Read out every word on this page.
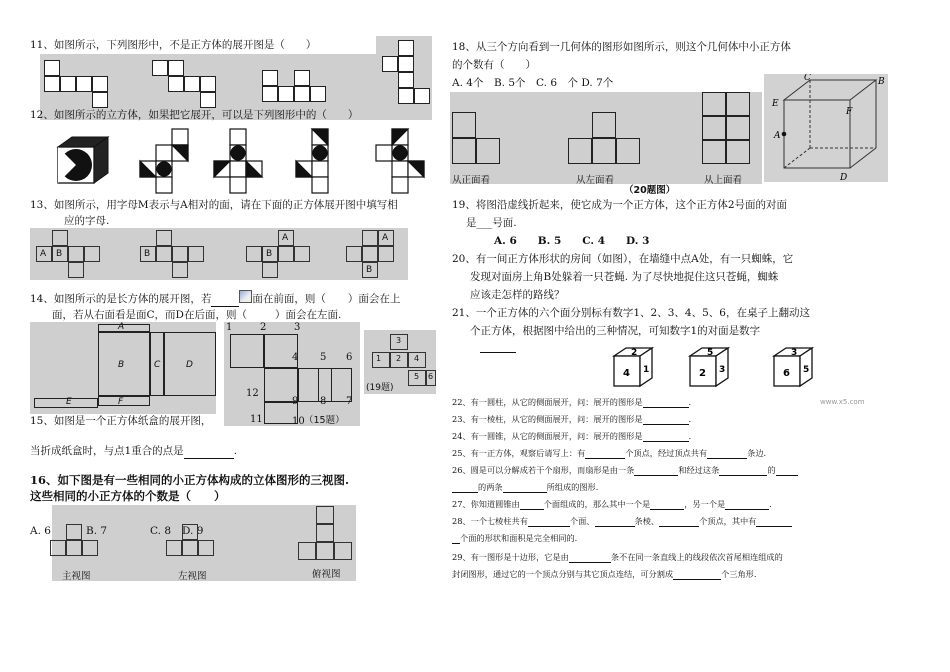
11、如图所示，下列图形中，不是正方体的展开图是（　　）
12、如图所示的立方体，如果把它展开，可以是下列图形中的（　　）
13、如图所示，用字母M表示与A相对的面，请在下面的正方体展开图中填写相
应的字母.
A B	B
A
B
A
B
14、如图所示的是长方体的展开图，若	面在前面，则（ ）面会在上
面，若从右面看是面C，而D在后面，则（	）面会在左面.
A
B	C	D
E	F
1	2	3
4 5 6
7
8
9
10
11
12
（15题）
3
1 2 4
5 6
(19题)
15、如图是一个正方体纸盒的展开图，
当折成纸盒时，与点1重合的点是	.
16、如下图是有一些相同的小正方体构成的立体图形的三视图.
这些相同的小正方体的个数是（　　）
A. 6	B. 7	C. 8 D. 9
主视图	左视图	俯视图
18、从三个方向看到一几何体的图形如图所示，则这个几何体中小正方体
的个数有（　　）
A. 4个　B. 5个　C. 6　个 D. 7个
从正面看	从左面看	从上面看
（20题图）
A
B
C
E
F
D
19、将图沿虚线折起来，使它成为一个正方体，这个正方体2号面的对面
是___号面.
A. 6　　B. 5　　C. 4　　D. 3
20、有一间正方体形状的房间（如图），在墙缝中点A处，有一只蜘蛛，它
发现对面房上角B处躲着一只苍蝇. 为了尽快地捉住这只苍蝇，蜘蛛
应该走怎样的路线？
21、一个正方体的六个面分别标有数字1、2、3、4、5、6，在桌子上翻动这
个正方体，根据图中给出的三种情况，可知数字1的对面是数字
2
4 1
5
2 3
3
6 5
22、有一圆柱，从它的侧面展开，问：展开的图形是	.
23、有一棱柱，从它的侧面展开，问：展开的图形是	.
24、有一圆锥，从它的侧面展开，问：展开的图形是	.
25、有一正方体，观察后请写上：有	个顶点，经过顶点共有	条边.
26、圆是可以分解成若干个扇形，而扇形是由一条	和经过这条	的
的两条	所组成的图形.
27、你知道圆锥由	个面组成的，那么其中一个是	，另一个是	.
28、一个七棱柱共有	个面、	条棱、	个顶点，其中有
个面的形状和面积是完全相同的.
29、有一图形是十边形，它是由	条不在同一条直线上的线段依次首尾相连组成的
封闭图形，通过它的一个顶点分别与其它顶点连结，可分割成	个三角形.
www.x5.com
